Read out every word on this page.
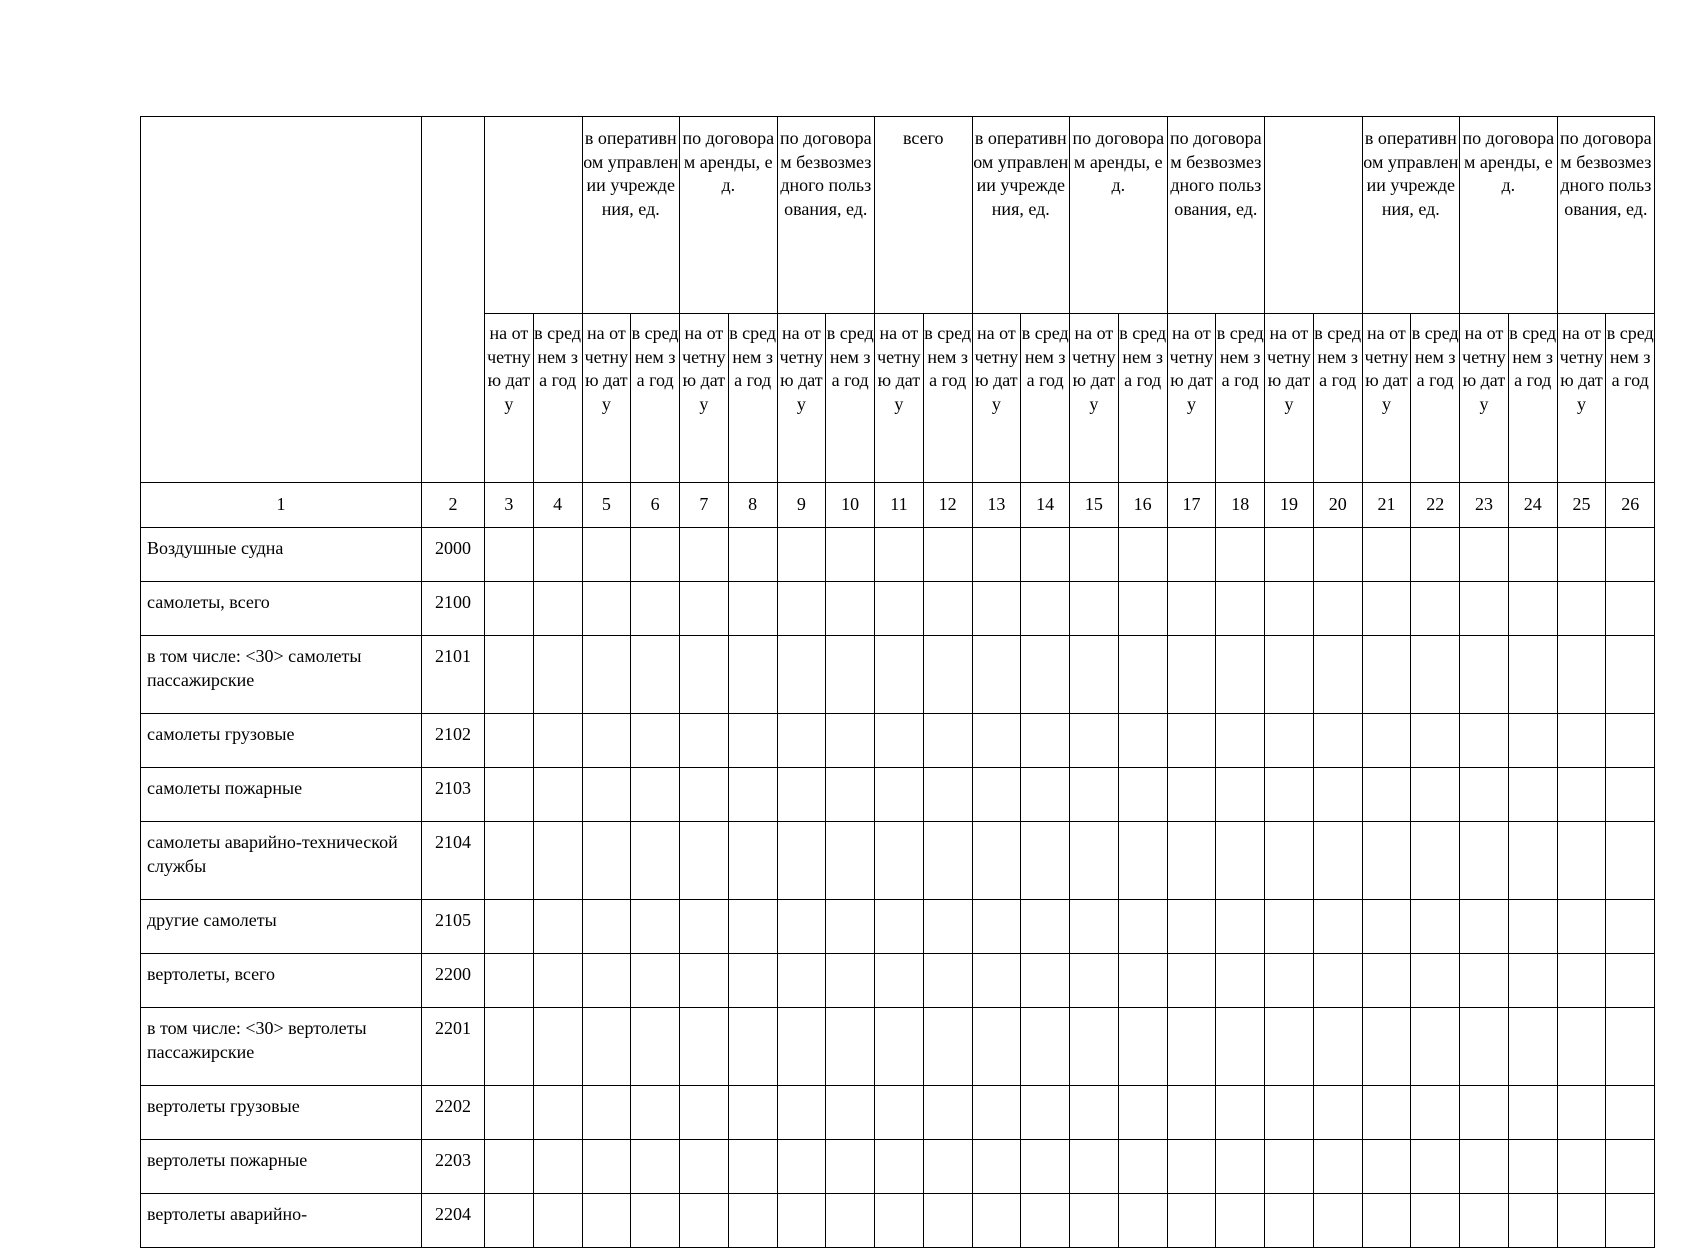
				в оперативном управлении учреждения, ед.		по договорам аренды, ед.		по договорам безвозмездного пользования, ед.		всего		в оперативном управлении учреждения, ед.		по договорам аренды, ед.		по договорам безвозмездного пользования, ед.				в оперативном управлении учреждения, ед.		по договорам аренды, ед.		по договорам безвозмездного пользования, ед.	
		на отчетную дату	в среднем за год	на отчетную дату	в среднем за год	на отчетную дату	в среднем за год	на отчетную дату	в среднем за год	на отчетную дату	в среднем за год	на отчетную дату	в среднем за год	на отчетную дату	в среднем за год	на отчетную дату	в среднем за год	на отчетную дату	в среднем за год	на отчетную дату	в среднем за год	на отчетную дату	в среднем за год	на отчетную дату	в среднем за год
1	2	3	4	5	6	7	8	9	10	11	12	13	14	15	16	17	18	19	20	21	22	23	24	25	26
Воздушные судна	2000																								
самолеты, всего	2100																								
в том числе: <30> самолеты пассажирские	2101																								
самолеты грузовые	2102																								
самолеты пожарные	2103																								
самолеты аварийно-технической службы	2104																								
другие самолеты	2105																								
вертолеты, всего	2200																								
в том числе: <30> вертолеты пассажирские	2201																								
вертолеты грузовые	2202																								
вертолеты пожарные	2203																								
вертолеты аварийно-	2204																								
